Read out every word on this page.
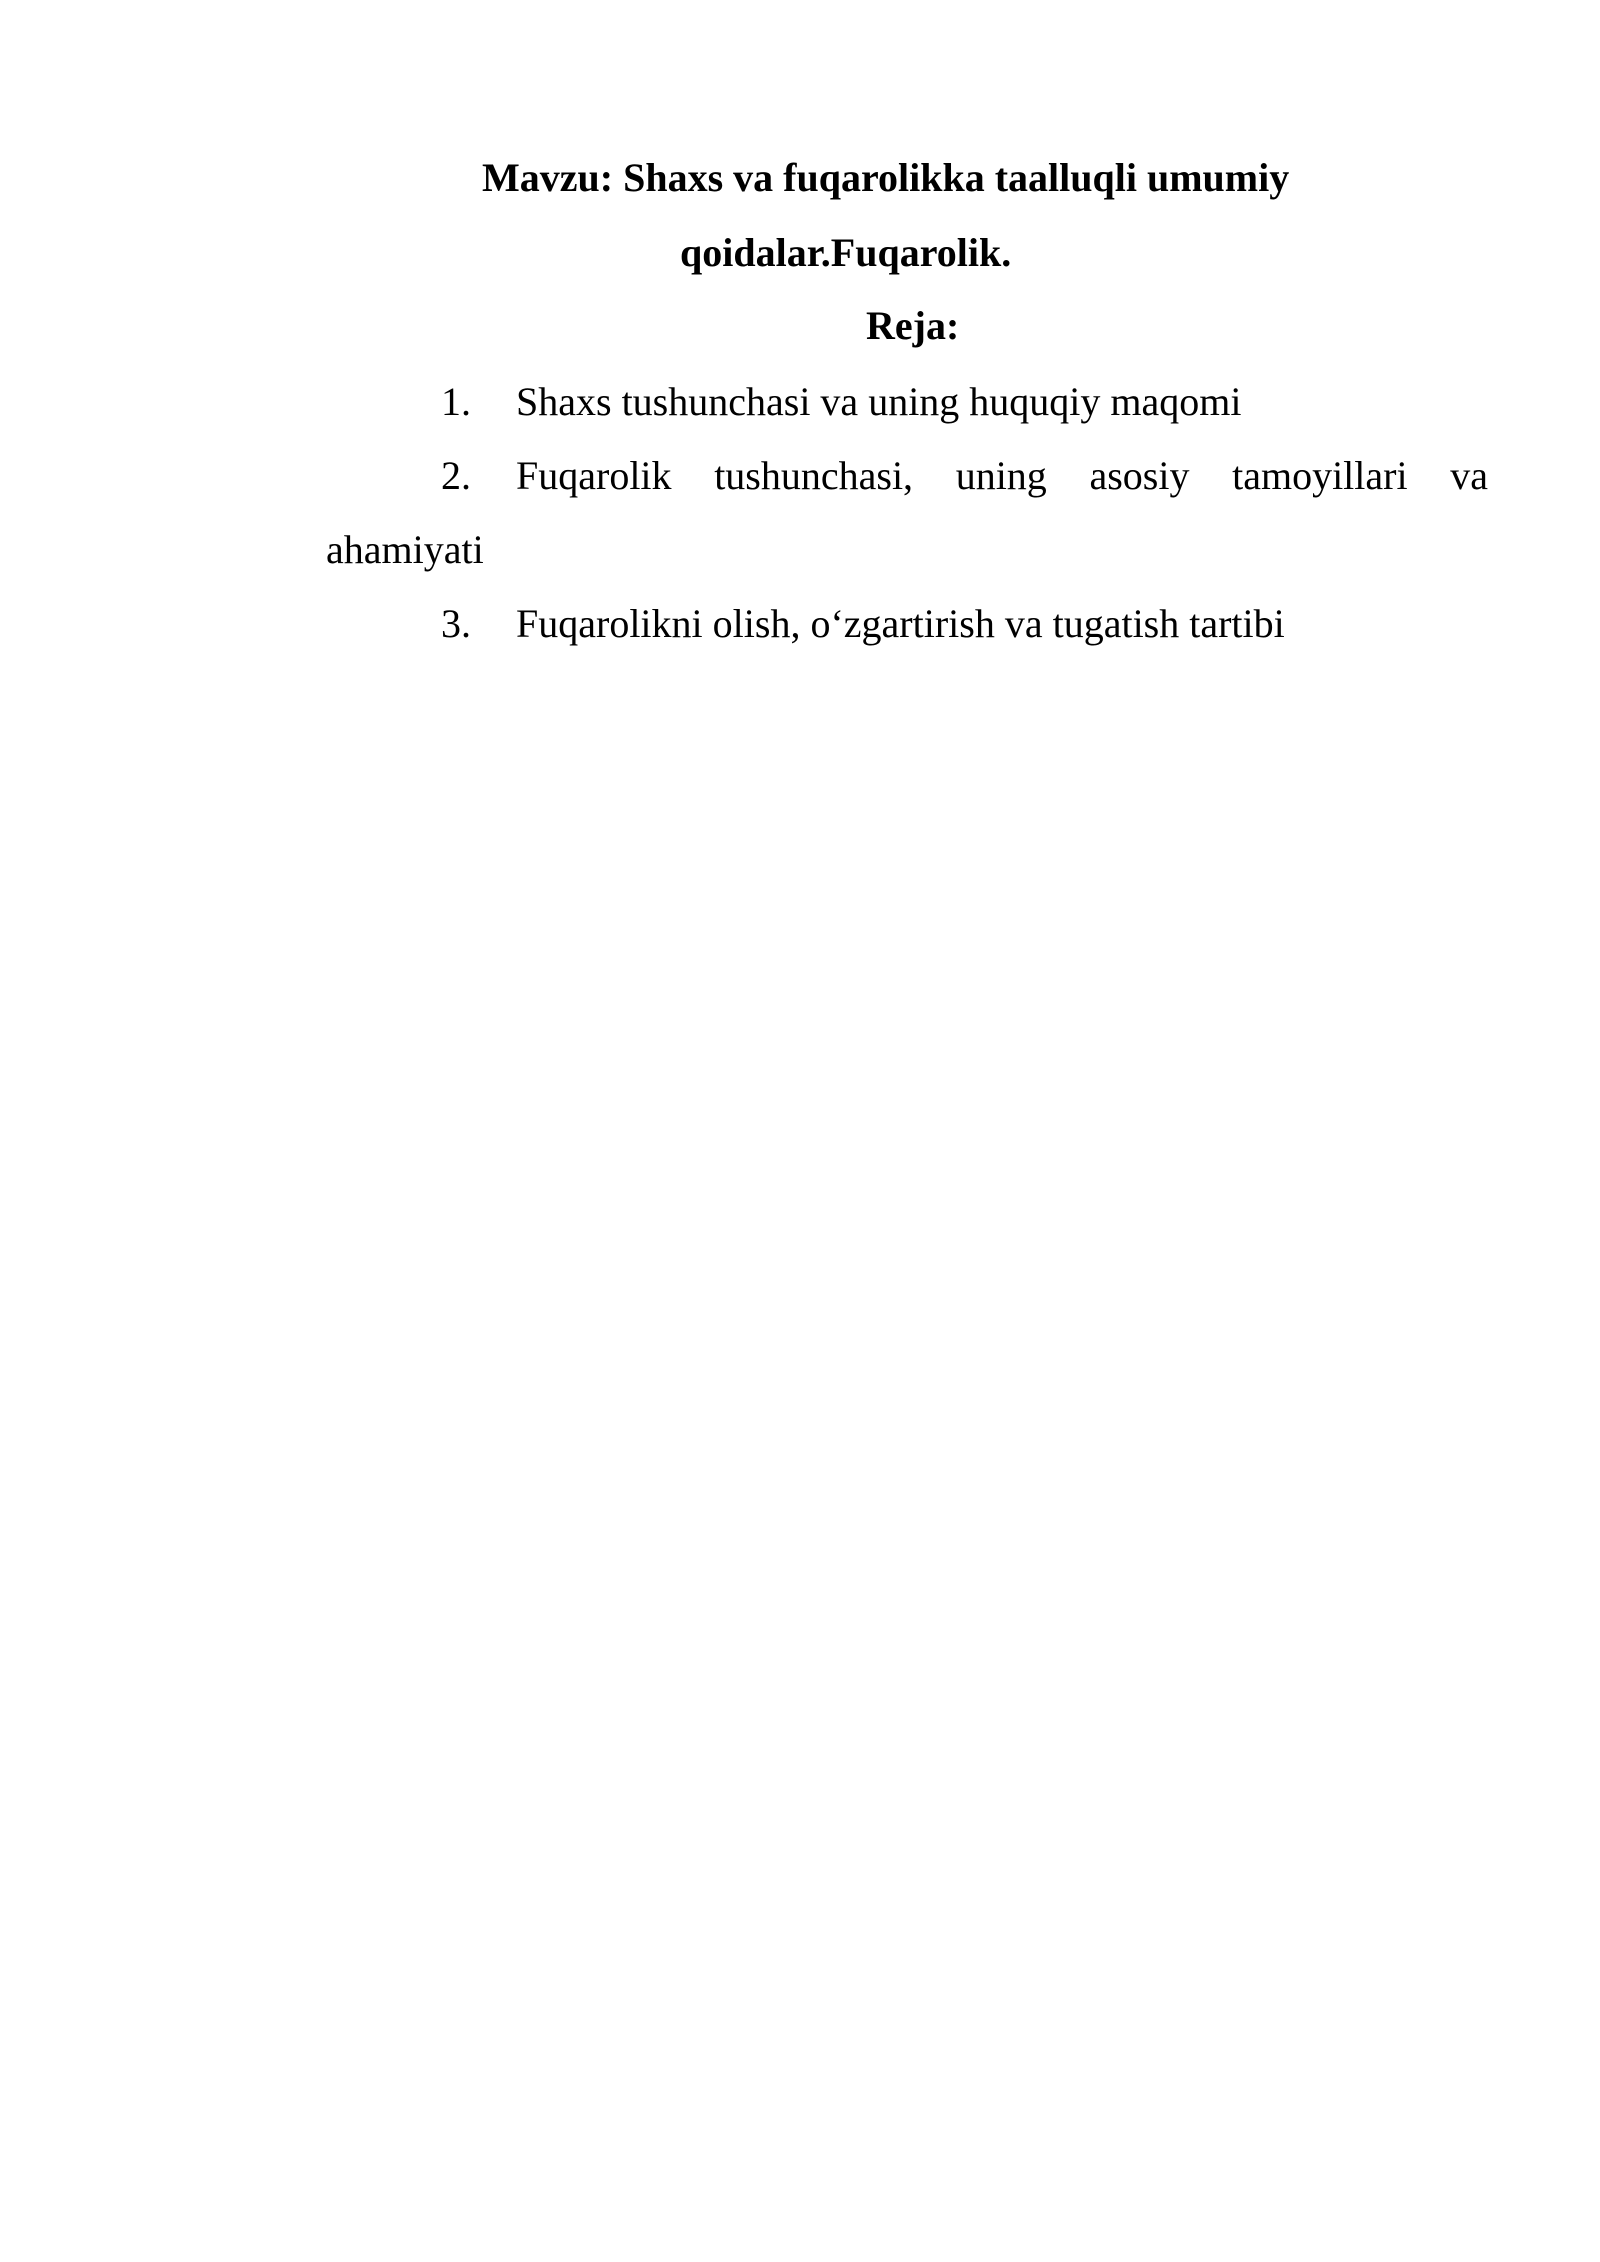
Mavzu: Shaxs va fuqarolikka taalluqli umumiy
qoidalar.Fuqarolik.
Reja:
1. Shaxs tushunchasi va uning huquqiy maqomi
2. Fuqarolik tushunchasi, uning asosiy tamoyillari va
ahamiyati
3. Fuqarolikni olish, o‘zgartirish va tugatish tartibi
